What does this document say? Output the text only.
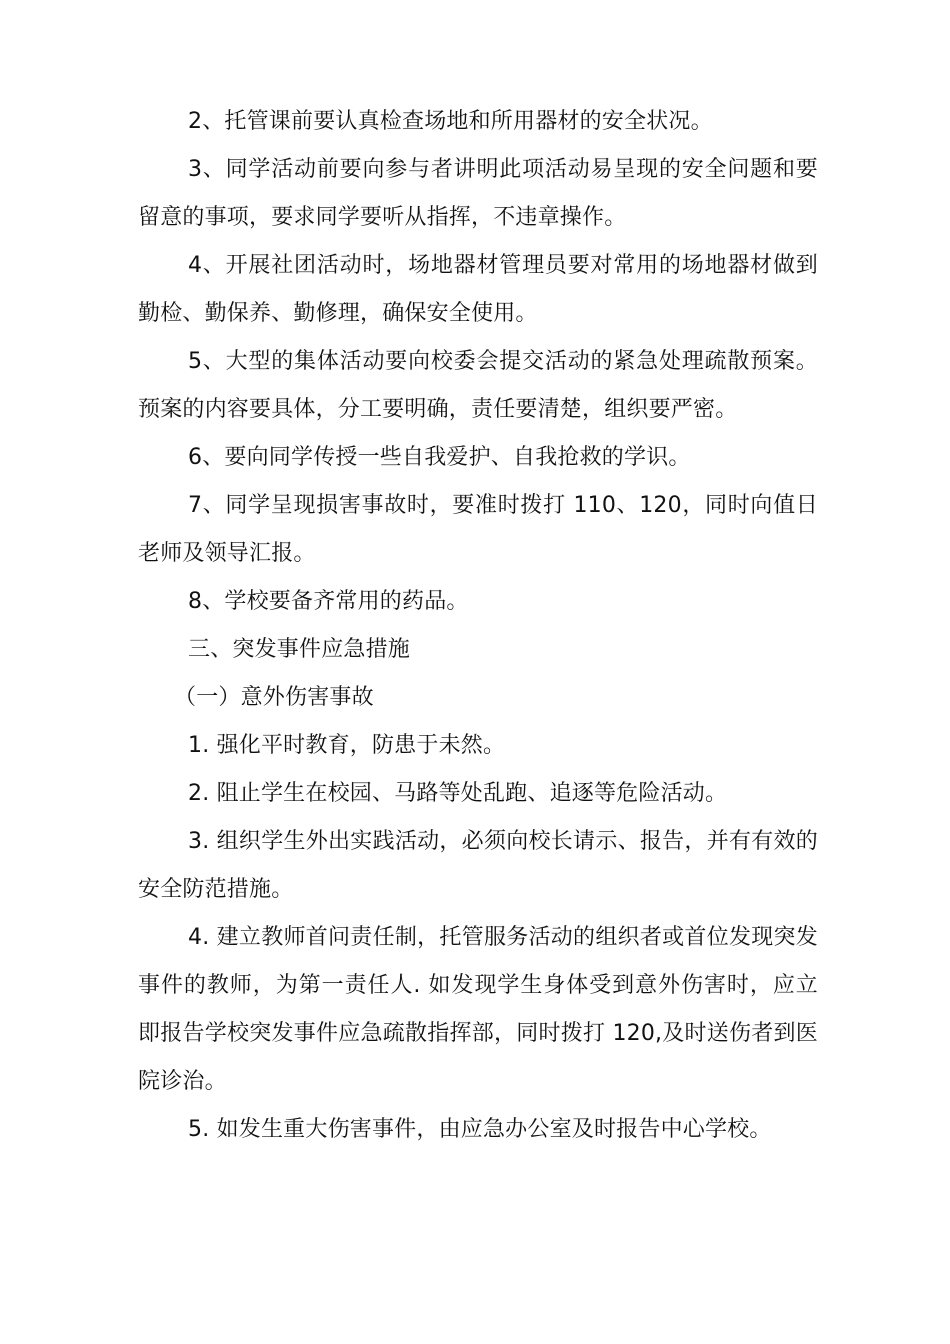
2、托管课前要认真检查场地和所用器材的安全状况。

3、同学活动前要向参与者讲明此项活动易呈现的安全问题和要留意的事项，要求同学要听从指挥，不违章操作。

4、开展社团活动时，场地器材管理员要对常用的场地器材做到勤检、勤保养、勤修理，确保安全使用。

5、大型的集体活动要向校委会提交活动的紧急处理疏散预案。预案的内容要具体，分工要明确，责任要清楚，组织要严密。

6、要向同学传授一些自我爱护、自我抢救的学识。

7、同学呈现损害事故时，要准时拨打 110、120，同时向值日老师及领导汇报。

8、学校要备齐常用的药品。

三、突发事件应急措施

（一）意外伤害事故

1. 强化平时教育，防患于未然。

2. 阻止学生在校园、马路等处乱跑、追逐等危险活动。

3. 组织学生外出实践活动，必须向校长请示、报告，并有有效的安全防范措施。

4. 建立教师首问责任制，托管服务活动的组织者或首位发现突发事件的教师，为第一责任人. 如发现学生身体受到意外伤害时，应立即报告学校突发事件应急疏散指挥部，同时拨打 120,及时送伤者到医院诊治。

5. 如发生重大伤害事件，由应急办公室及时报告中心学校。
